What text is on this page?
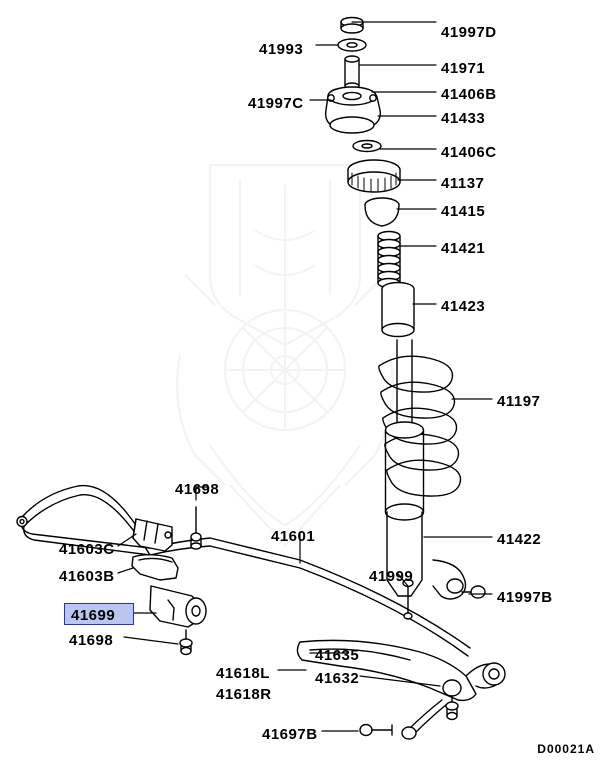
41997D
41993
41971
41406B
41997C
41433
41406C
41137
41415
41421
41423
41197
41698
41601	41422
41603C
41603B	41999
41997B
41699
41698
41635
41618L	41632
41618R
41697B
D00021A
